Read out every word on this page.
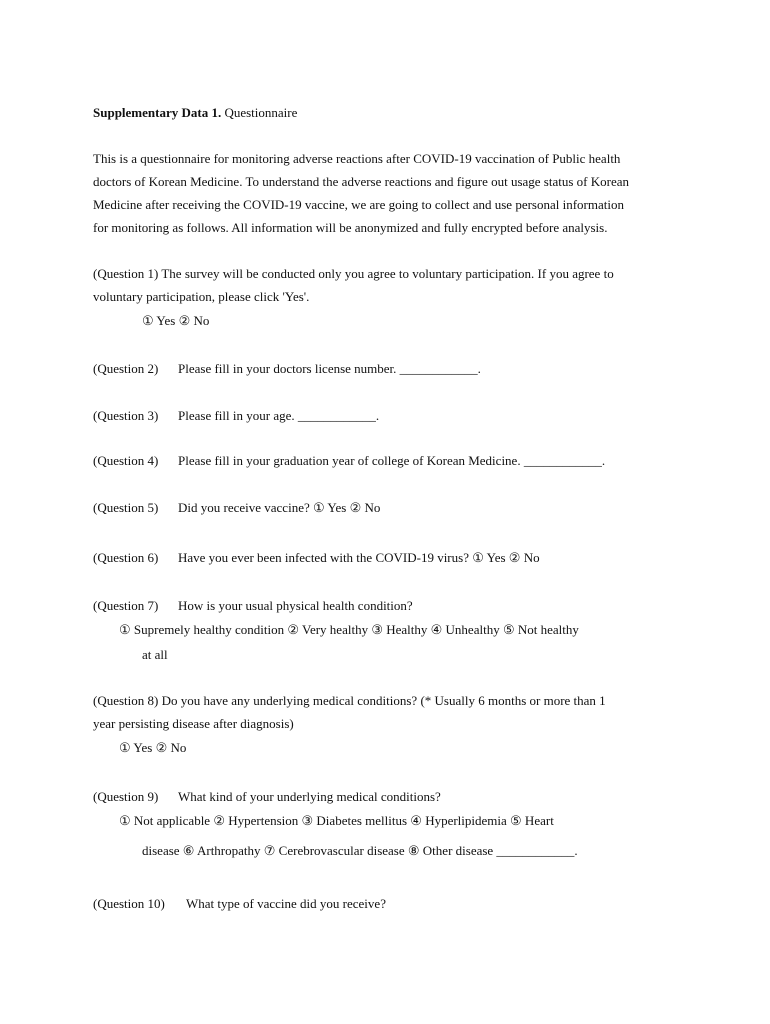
Supplementary Data 1. Questionnaire
This is a questionnaire for monitoring adverse reactions after COVID-19 vaccination of Public health
doctors of Korean Medicine. To understand the adverse reactions and figure out usage status of Korean
Medicine after receiving the COVID-19 vaccine, we are going to collect and use personal information
for monitoring as follows. All information will be anonymized and fully encrypted before analysis.
(Question 1) The survey will be conducted only you agree to voluntary participation. If you agree to
voluntary participation, please click 'Yes'.
① Yes ② No
(Question 2) Please fill in your doctors license number. ____________.
(Question 3) Please fill in your age. ____________.
(Question 4) Please fill in your graduation year of college of Korean Medicine. ____________.
(Question 5) Did you receive vaccine? ① Yes ② No
(Question 6) Have you ever been infected with the COVID-19 virus? ① Yes ② No
(Question 7) How is your usual physical health condition?
① Supremely healthy condition ② Very healthy ③ Healthy ④ Unhealthy ⑤ Not healthy
at all
(Question 8) Do you have any underlying medical conditions? (* Usually 6 months or more than 1
year persisting disease after diagnosis)
① Yes ② No
(Question 9) What kind of your underlying medical conditions?
① Not applicable ② Hypertension ③ Diabetes mellitus ④ Hyperlipidemia ⑤ Heart
disease ⑥ Arthropathy ⑦ Cerebrovascular disease ⑧ Other disease ____________.
(Question 10) What type of vaccine did you receive?
